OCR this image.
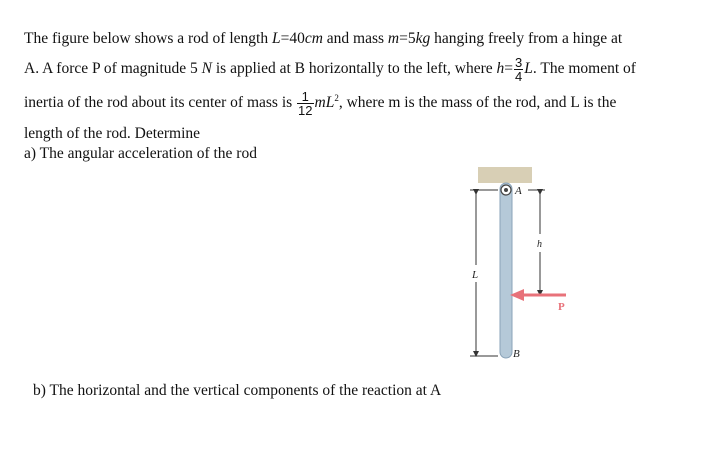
The figure below shows a rod of length L=40cm and mass m=5kg hanging freely from a hinge at
A. A force P of magnitude 5 N is applied at B horizontally to the left, where $h= \frac{3}{4} L$. The moment of
inertia of the rod about its center of mass is $\frac{1}{12} mL^2$, where m is the mass of the rod, and L is the
length of the rod. Determine
a) The angular acceleration of the rod
b) The horizontal and the vertical components of the reaction at A
L
h
A
P
B
